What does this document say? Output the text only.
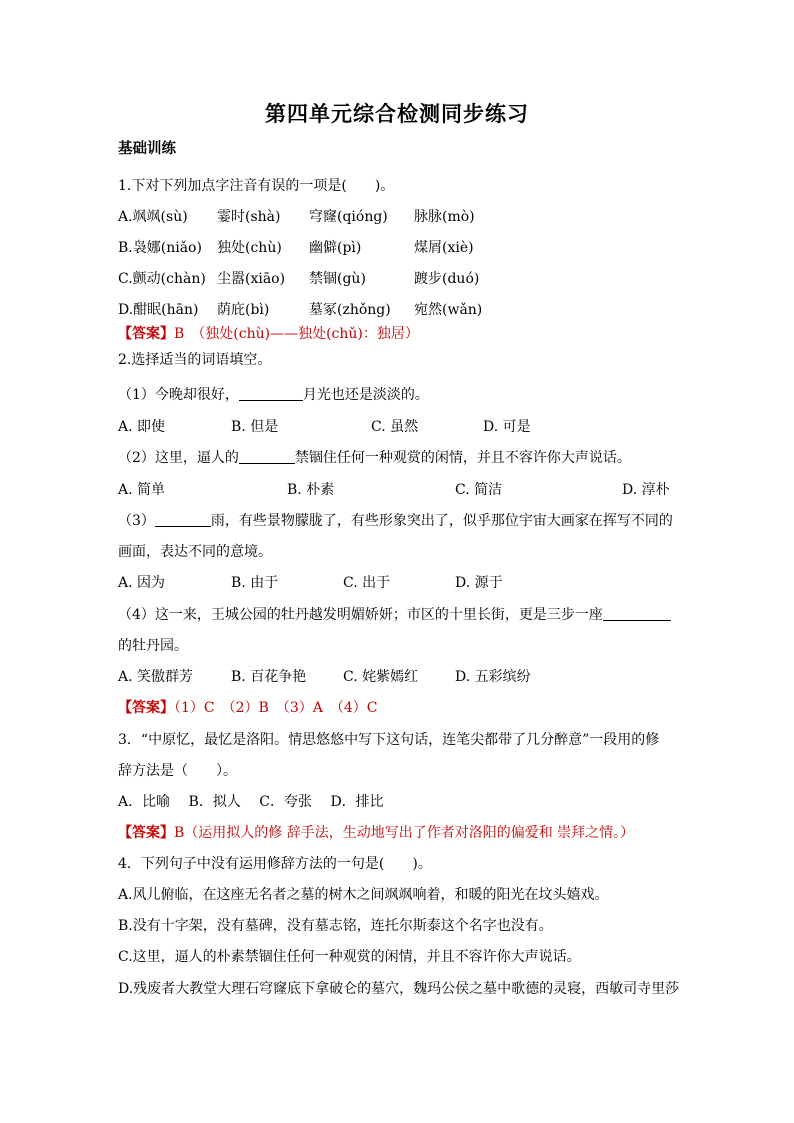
第四单元综合检测同步练习
基础训练
1.下对下列加点字注音有误的一项是(　　)。
A.飒飒(sù) 霎时(shà) 穹窿(qióng) 脉脉(mò)
B.袅娜(niǎo) 独处(chù) 幽僻(pì)	煤屑(xiè)
C.颤动(chàn) 尘嚣(xiāo) 禁锢(gù)	踱步(duó)
D.酣眠(hān) 荫庇(bì)	墓冢(zhǒng) 宛然(wǎn)
【答案】B　（独处(chù)——独处(chǔ)：独居）
2.选择适当的词语填空。
（1）今晚却很好，	月光也还是淡淡的。
A. 即使	B. 但是	C. 虽然	D. 可是
（2）这里，逼人的	禁锢住任何一种观赏的闲情，并且不容许你大声说话。
A. 简单	B. 朴素	C. 简洁	D. 淳朴
（3）	雨，有些景物朦胧了，有些形象突出了，似乎那位宇宙大画家在挥写不同的
画面，表达不同的意境。
A. 因为	B. 由于	C. 出于	D. 源于
（4）这一来，王城公园的牡丹越发明媚娇妍；市区的十里长街，更是三步一座
的牡丹园。
A. 笑傲群芳	B. 百花争艳	C. 姹紫嫣红	D. 五彩缤纷
【答案】（1）C　（2）B　（3）A　（4）C
3．“中原忆，最忆是洛阳。情思悠悠中写下这句话，连笔尖都带了几分醉意”一段用的修
辞方法是（　　）。
A．比喻　 B．拟人　 C．夸张　 D．排比
【答案】B（运用拟人的修 辞手法，生动地写出了作者对洛阳的偏爱和 崇拜之情。）
4．下列句子中没有运用修辞方法的一句是(　　)。
A.风儿俯临，在这座无名者之墓的树木之间飒飒响着，和暖的阳光在坟头嬉戏。
B.没有十字架，没有墓碑，没有墓志铭，连托尔斯泰这个名字也没有。
C.这里，逼人的朴素禁锢住任何一种观赏的闲情，并且不容许你大声说话。
D.残废者大教堂大理石穹窿底下拿破仑的墓穴，魏玛公侯之墓中歌德的灵寝，西敏司寺里莎
